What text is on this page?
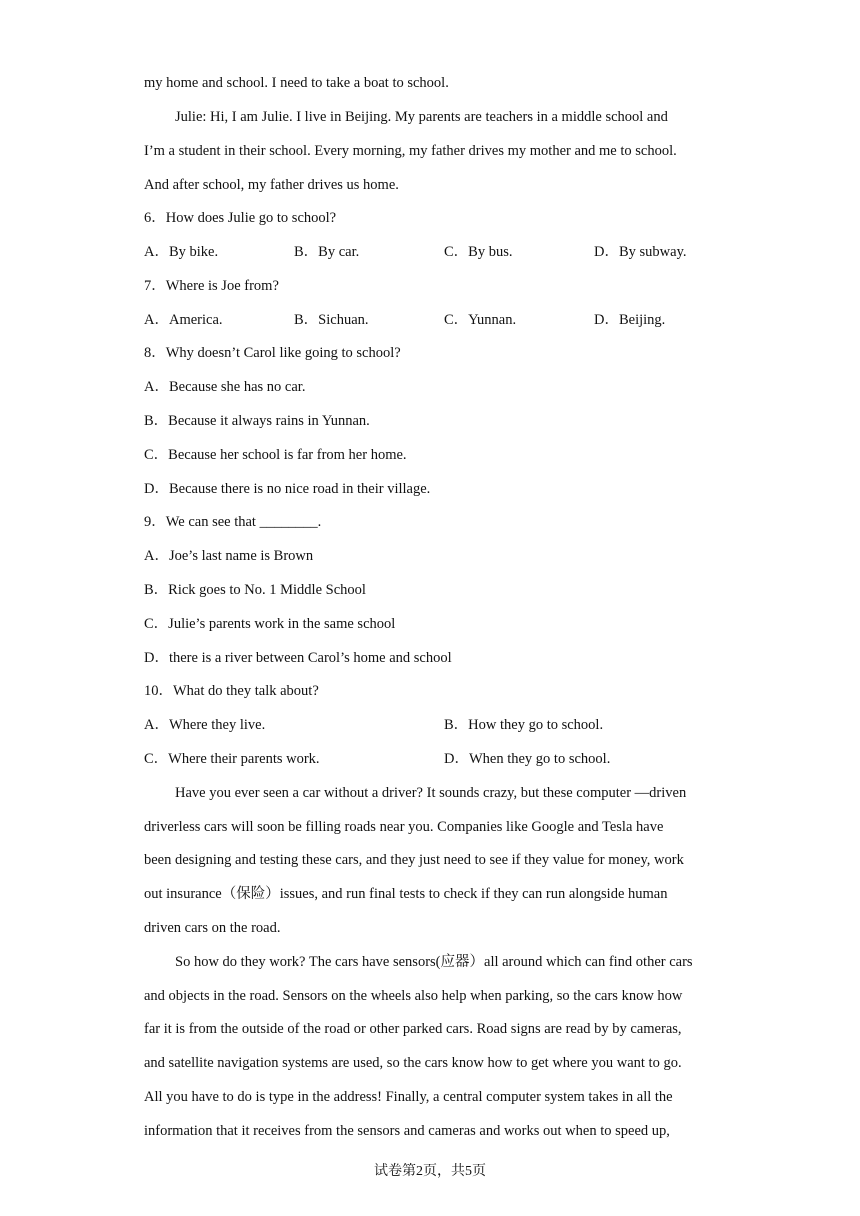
my home and school. I need to take a boat to school.
Julie: Hi, I am Julie. I live in Beijing. My parents are teachers in a middle school and
I’m a student in their school. Every morning, my father drives my mother and me to school.
And after school, my father drives us home.
6．How does Julie go to school?
A．By bike.	B．By car.	C．By bus.	D．By subway.
7．Where is Joe from?
A．America.	B．Sichuan.	C．Yunnan.	D．Beijing.
8．Why doesn’t Carol like going to school?
A．Because she has no car.
B．Because it always rains in Yunnan.
C．Because her school is far from her home.
D．Because there is no nice road in their village.
9．We can see that ________.
A．Joe’s last name is Brown
B．Rick goes to No. 1 Middle School
C．Julie’s parents work in the same school
D．there is a river between Carol’s home and school
10．What do they talk about?
A．Where they live.	B．How they go to school.
C．Where their parents work.	D．When they go to school.
Have you ever seen a car without a driver? It sounds crazy, but these computer —driven
driverless cars will soon be filling roads near you. Companies like Google and Tesla have
been designing and testing these cars, and they just need to see if they value for money, work
out insurance（保险）issues, and run final tests to check if they can run alongside human
driven cars on the road.
So how do they work? The cars have sensors(应器）all around which can find other cars
and objects in the road. Sensors on the wheels also help when parking, so the cars know how
far it is from the outside of the road or other parked cars. Road signs are read by by cameras,
and satellite navigation systems are used, so the cars know how to get where you want to go.
All you have to do is type in the address! Finally, a central computer system takes in all the
information that it receives from the sensors and cameras and works out when to speed up,
试卷第2页，共5页
